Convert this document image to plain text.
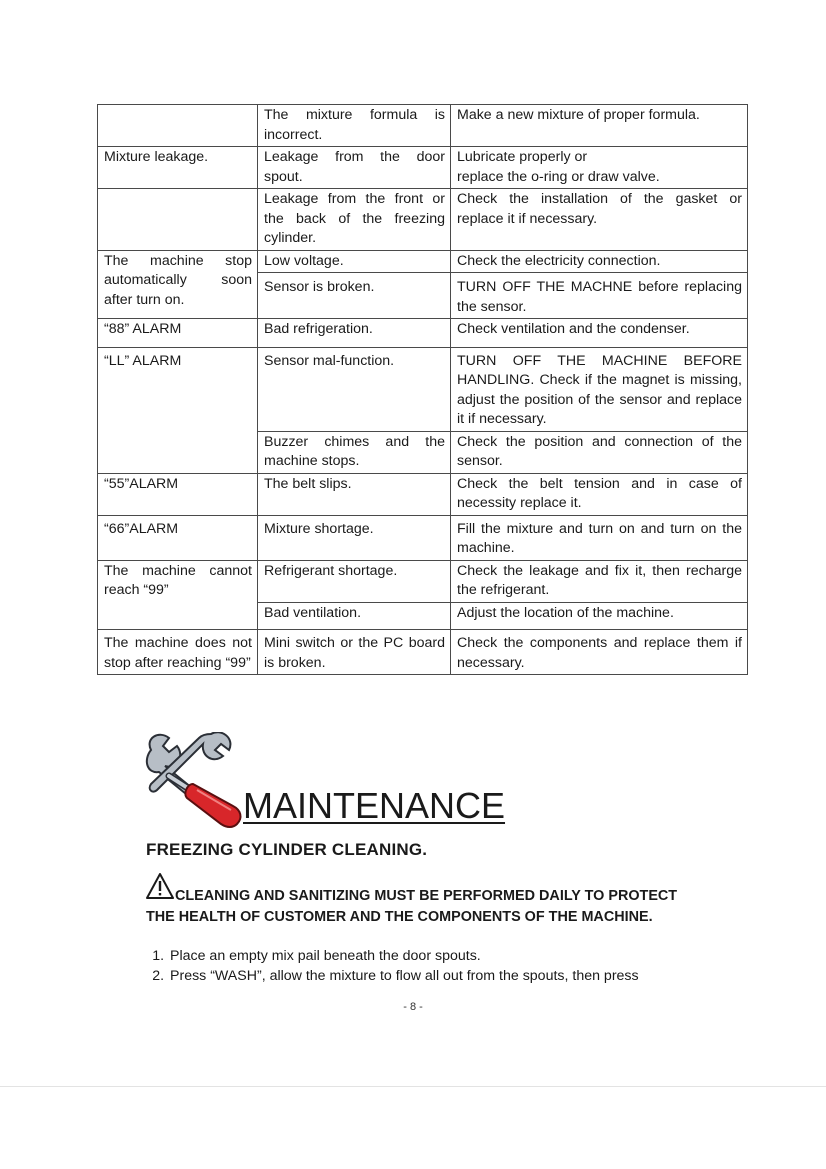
	The mixture formula is incorrect.	Make a new mixture of proper formula.
Mixture leakage.	Leakage from the door spout.	Lubricate properly or
replace the o-ring or draw valve.
	Leakage from the front or the back of the freezing cylinder.	Check the installation of the gasket or replace it if necessary.
The machine stop automatically soon after turn on.	Low voltage.	Check the electricity connection.
	Sensor is broken.	TURN OFF THE MACHNE before replacing the sensor.
“88” ALARM	Bad refrigeration.	Check ventilation and the condenser.
“LL” ALARM	Sensor mal-function.	TURN OFF THE MACHINE BEFORE HANDLING. Check if the magnet is missing, adjust the position of the sensor and replace it if necessary.
	Buzzer chimes and the machine stops.	Check the position and connection of the sensor.
“55”ALARM	The belt slips.	Check the belt tension and in case of necessity replace it.
“66”ALARM	Mixture shortage.	Fill the mixture and turn on and turn on the machine.
The machine cannot reach “99”	Refrigerant shortage.	Check the leakage and fix it, then recharge the refrigerant.
	Bad ventilation.	Adjust the location of the machine.
The machine does not stop after reaching “99”	Mini switch or the PC board is broken.	Check the components and replace them if necessary.
MAINTENANCE
FREEZING CYLINDER CLEANING.

CLEANING AND SANITIZING MUST BE PERFORMED DAILY TO PROTECT THE HEALTH OF CUSTOMER AND THE COMPONENTS OF THE MACHINE.

1. Place an empty mix pail beneath the door spouts.
2. Press “WASH”, allow the mixture to flow all out from the spouts, then press
- 8 -
